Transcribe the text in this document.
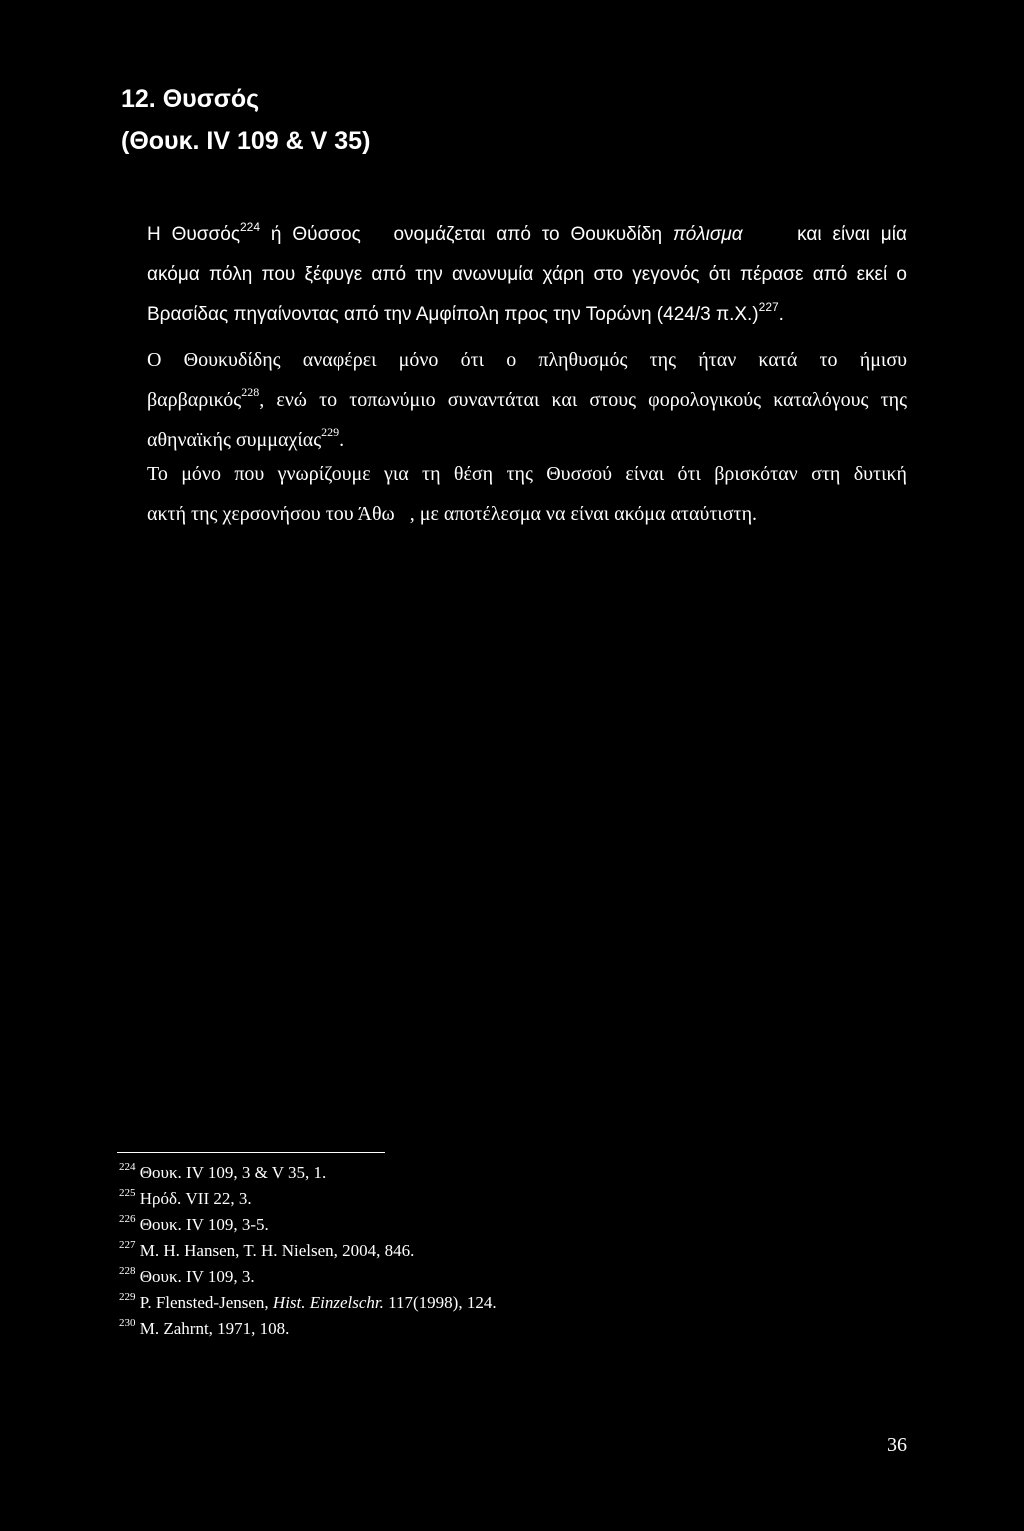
12. Θυσσός
(Θουκ. IV 109 & V 35)
Η Θυσσός$^{224}$ ή Θύσσος ονομάζεται από το Θουκυδίδη πόλισμα	και είναι μία
ακόμα πόλη που ξέφυγε από την ανωνυμία χάρη στο γεγονός ότι πέρασε από εκεί ο
Βρασίδας πηγαίνοντας από την Αμφίπολη προς την Τορώνη (424/3 π.Χ.)$^{227}$.
Ο Θουκυδίδης αναφέρει μόνο ότι ο πληθυσμός της ήταν κατά το ήμισυ
βαρβαρικός$^{228}$, ενώ το τοπωνύμιο συναντάται και στους φορολογικούς καταλόγους της
αθηναϊκής συμμαχίας$^{229}$.
Το μόνο που γνωρίζουμε για τη θέση της Θυσσού είναι ότι βρισκόταν στη δυτική
ακτή της χερσονήσου του Άθω , με αποτέλεσμα να είναι ακόμα αταύτιστη.
$^{224}$ Θουκ. IV 109, 3 & V 35, 1.
$^{225}$ Ηρόδ. VII 22, 3.
$^{226}$ Θουκ. IV 109, 3-5.
$^{227}$ M. H. Hansen, T. H. Nielsen, 2004, 846.
$^{228}$ Θουκ. IV 109, 3.
$^{229}$ P. Flensted-Jensen, Hist. Einzelschr. 117(1998), 124.
$^{230}$ M. Zahrnt, 1971, 108.
36
